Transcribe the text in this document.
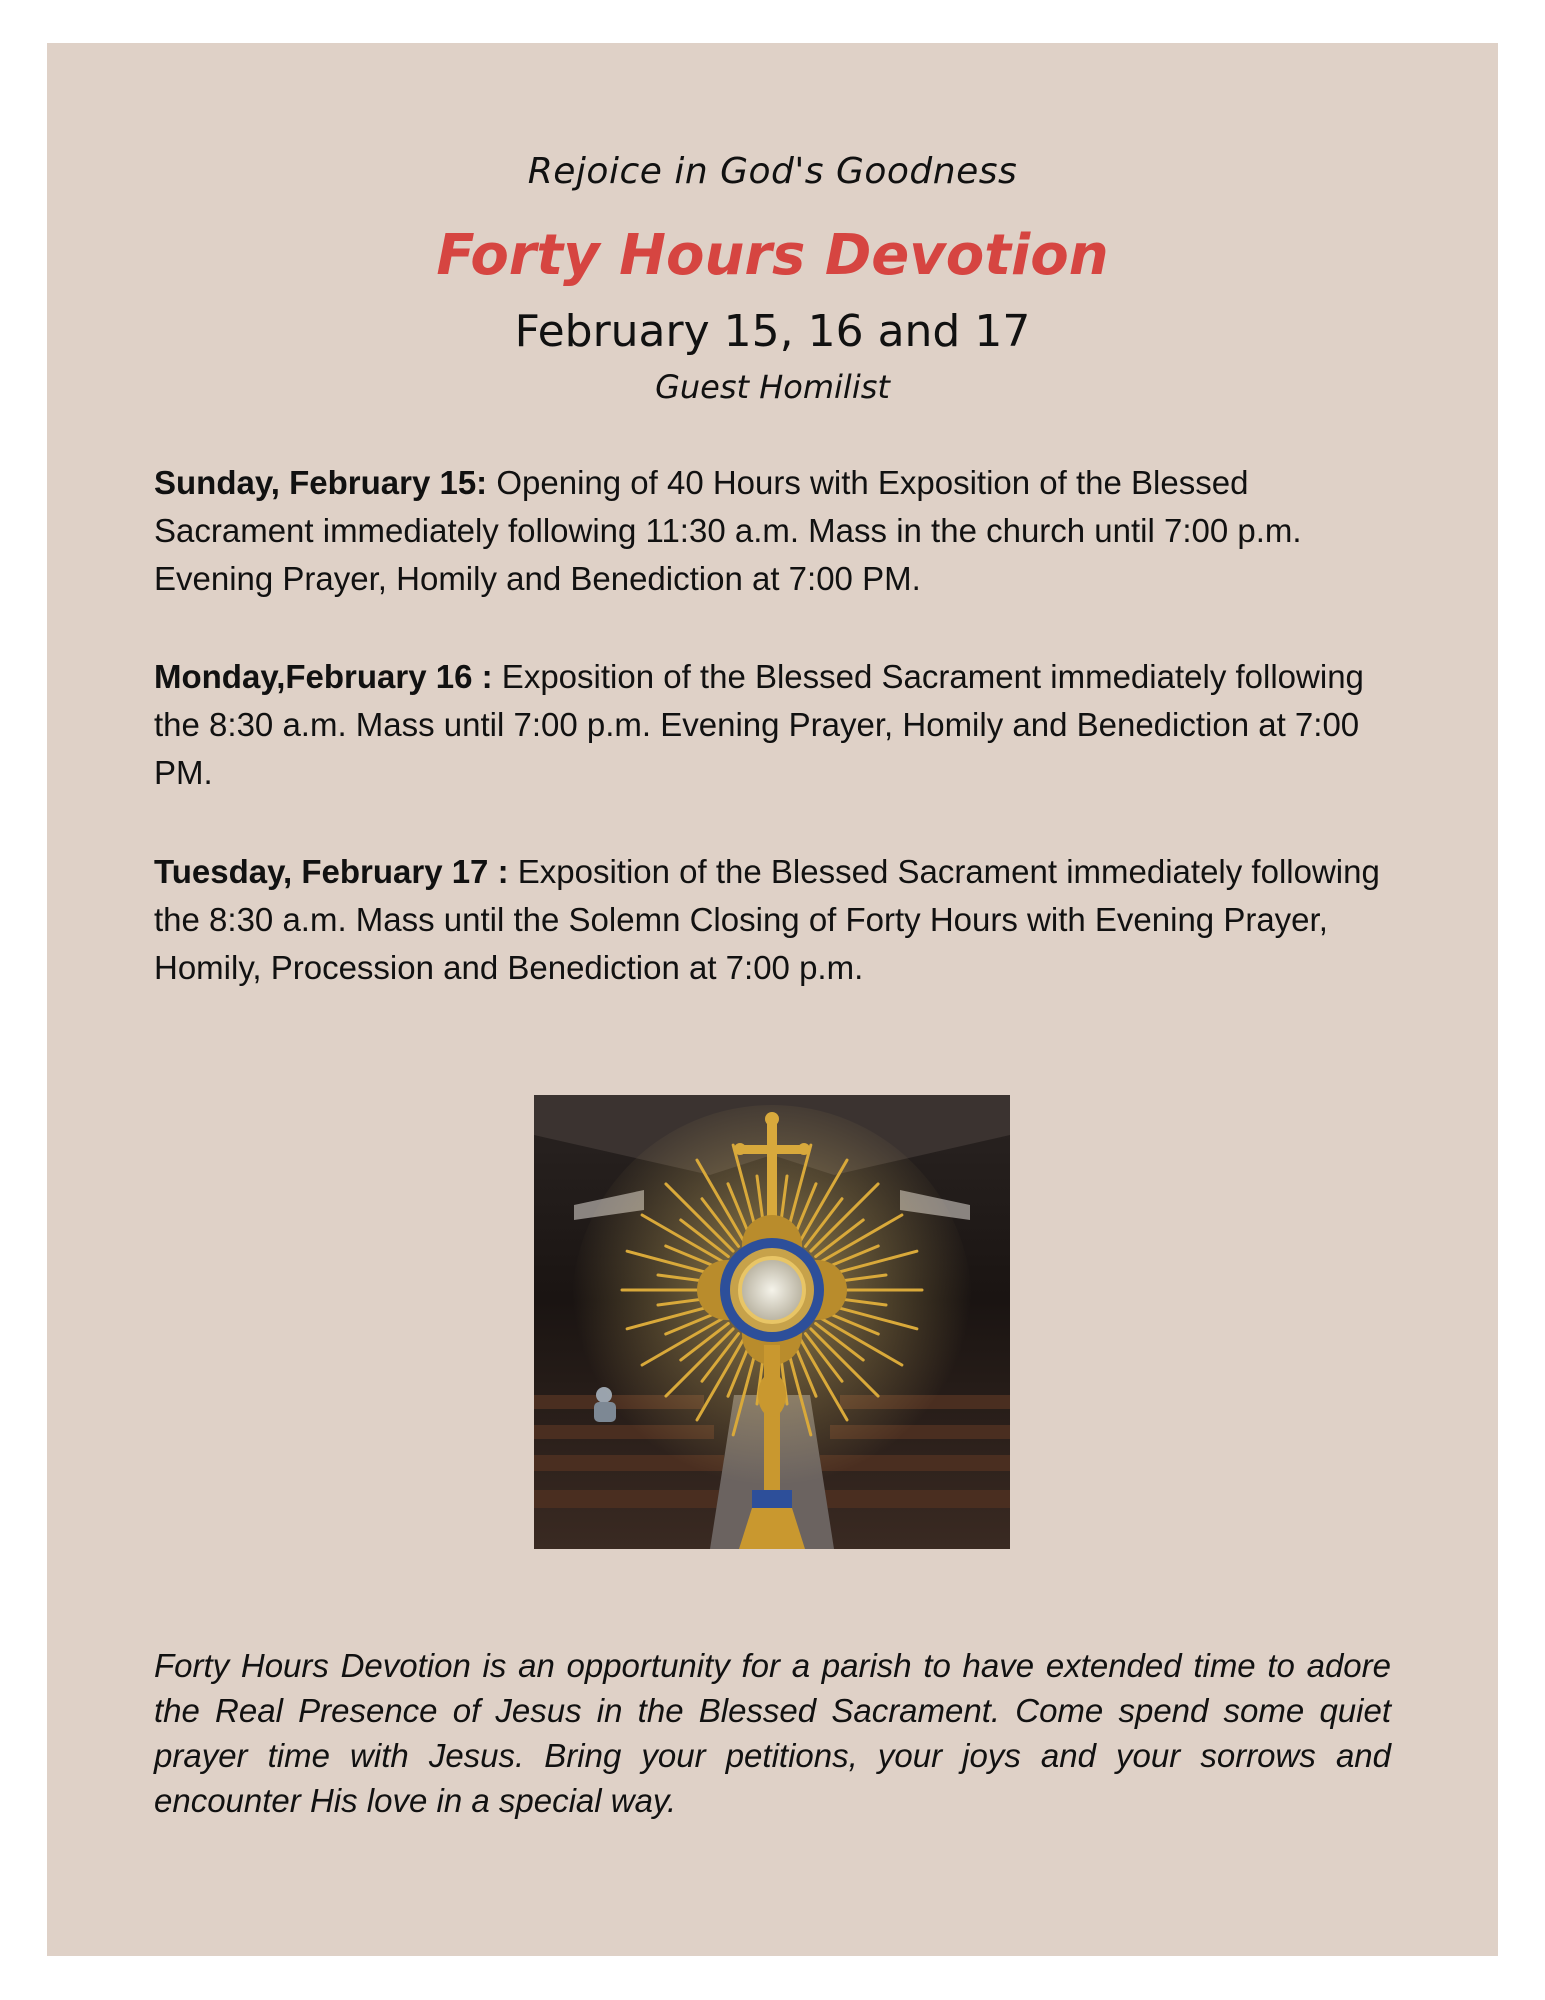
Rejoice in God's Goodness

Forty Hours Devotion

February 15, 16 and 17

Guest Homilist

Sunday, February 15: Opening of 40 Hours with Exposition of the Blessed Sacrament immediately following 11:30 a.m. Mass in the church until 7:00 p.m. Evening Prayer, Homily and Benediction at 7:00 PM.

Monday,February 16 : Exposition of the Blessed Sacrament immediately following the 8:30 a.m. Mass until 7:00 p.m. Evening Prayer, Homily and Benediction at 7:00 PM.

Tuesday, February 17 : Exposition of the Blessed Sacrament immediately following the 8:30 a.m. Mass until the Solemn Closing of Forty Hours with Evening Prayer, Homily, Procession and Benediction at 7:00 p.m.

Forty Hours Devotion is an opportunity for a parish to have extended time to adore the Real Presence of Jesus in the Blessed Sacrament. Come spend some quiet prayer time with Jesus. Bring your petitions, your joys and your sorrows and encounter His love in a special way.
